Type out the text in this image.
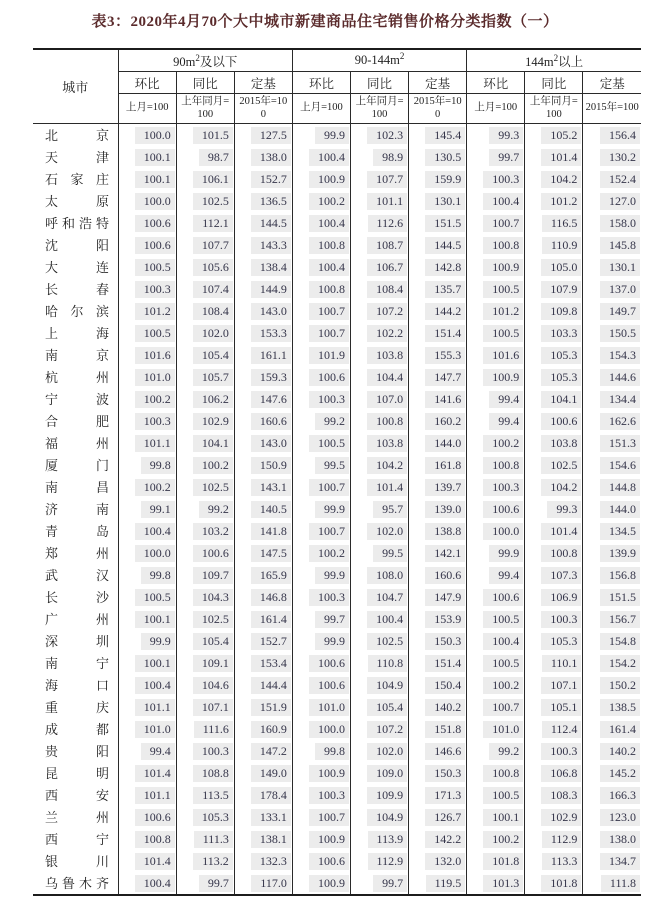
表3：2020年4月70个大中城市新建商品住宅销售价格分类指数（一）
城市	$90m^2$及以下			$90-144m^2$			$144m^2$以上		
	环比	同比	定基	环比	同比	定基	环比	同比	定基
	上月=100	上年同月=100	2015年=100	上月=100	上年同月=100	2015年=100	上月=100	上年同月=100	2015年=100
北京	100.0	101.5	127.5	99.9	102.3	145.4	99.3	105.2	156.4
天津	100.1	98.7	138.0	100.4	98.9	130.5	99.7	101.4	130.2
石家庄	100.1	106.1	152.7	100.9	107.7	159.9	100.3	104.2	152.4
太原	100.0	102.5	136.5	100.2	101.1	130.1	100.4	101.2	127.0
呼和浩特	100.6	112.1	144.5	100.4	112.6	151.5	100.7	116.5	158.0
沈阳	100.6	107.7	143.3	100.8	108.7	144.5	100.8	110.9	145.8
大连	100.5	105.6	138.4	100.4	106.7	142.8	100.9	105.0	130.1
长春	100.3	107.4	144.9	100.8	108.4	135.7	100.5	107.9	137.0
哈尔滨	101.2	108.4	143.0	100.7	107.2	144.2	101.2	109.8	149.7
上海	100.5	102.0	153.3	100.7	102.2	151.4	100.5	103.3	150.5
南京	101.6	105.4	161.1	101.9	103.8	155.3	101.6	105.3	154.3
杭州	101.0	105.7	159.3	100.6	104.4	147.7	100.9	105.3	144.6
宁波	100.2	106.2	147.6	100.3	107.0	141.6	99.4	104.1	134.4
合肥	100.3	102.9	160.6	99.2	100.8	160.2	99.4	100.6	162.6
福州	101.1	104.1	143.0	100.5	103.8	144.0	100.2	103.8	151.3
厦门	99.8	100.2	150.9	99.5	104.2	161.8	100.8	102.5	154.6
南昌	100.2	102.5	143.1	100.7	101.4	139.7	100.3	104.2	144.8
济南	99.1	99.2	140.5	99.9	95.7	139.0	100.6	99.3	144.0
青岛	100.4	103.2	141.8	100.7	102.0	138.8	100.0	101.4	134.5
郑州	100.0	100.6	147.5	100.2	99.5	142.1	99.9	100.8	139.9
武汉	99.8	109.7	165.9	99.9	108.0	160.6	99.4	107.3	156.8
长沙	100.5	104.3	146.8	100.3	104.7	147.9	100.6	106.9	151.5
广州	100.1	102.5	161.4	99.7	100.4	153.9	100.5	100.3	156.7
深圳	99.9	105.4	152.7	99.9	102.5	150.3	100.4	105.3	154.8
南宁	100.1	109.1	153.4	100.6	110.8	151.4	100.5	110.1	154.2
海口	100.4	104.6	144.4	100.6	104.9	150.4	100.2	107.1	150.2
重庆	101.1	107.1	151.9	101.0	105.4	140.2	100.7	105.1	138.5
成都	101.0	111.6	160.9	100.0	107.2	151.8	101.0	112.4	161.4
贵阳	99.4	100.3	147.2	99.8	102.0	146.6	99.2	100.3	140.2
昆明	101.4	108.8	149.0	100.9	109.0	150.3	100.8	106.8	145.2
西安	101.1	113.5	178.4	100.3	109.9	171.3	100.5	108.3	166.3
兰州	100.6	105.3	133.1	100.7	104.9	126.7	100.1	102.9	123.0
西宁	100.8	111.3	138.1	100.9	113.9	142.2	100.2	112.9	138.0
银川	101.4	113.2	132.3	100.6	112.9	132.0	101.8	113.3	134.7
乌鲁木齐	100.4	99.7	117.0	100.9	99.7	119.5	101.3	101.8	111.8
